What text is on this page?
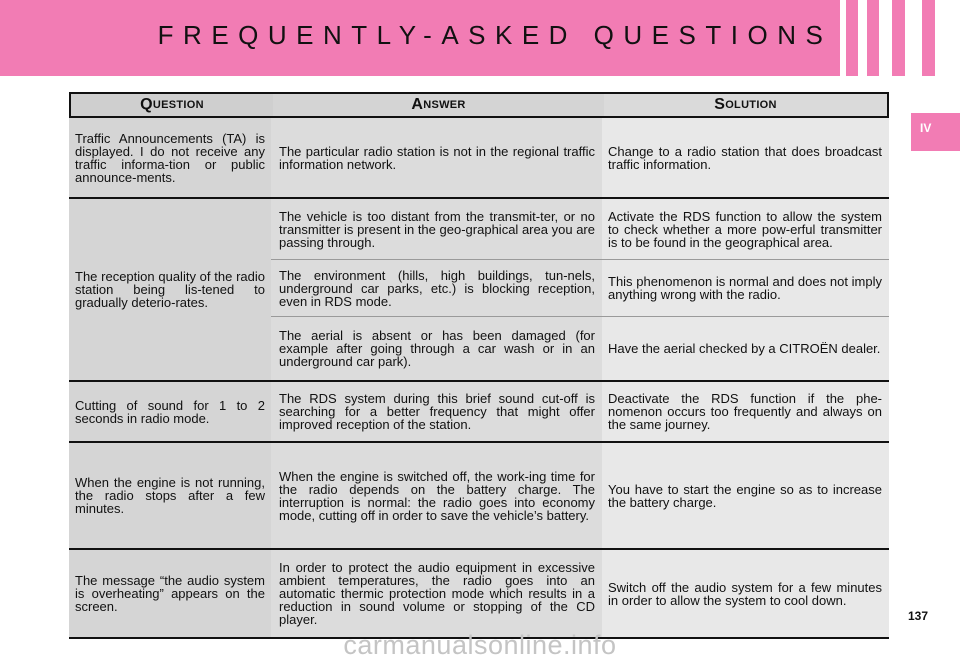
FREQUENTLY-ASKED QUESTIONS
IV
Q UESTION	A NSWER	S OLUTION
Traffic Announcements (TA) is displayed. I do not receive any traffic informa-tion or public announce-ments.
The particular radio station is not in the regional traffic information network.
Change to a radio station that does broadcast traffic information.
The reception quality of the radio station being lis-tened to gradually deterio-rates.
The vehicle is too distant from the transmit-ter, or no transmitter is present in the geo-graphical area you are passing through.
Activate the RDS function to allow the system to check whether a more pow-erful transmitter is to be found in the geographical area.
The environment (hills, high buildings, tun-nels, underground car parks, etc.) is blocking reception, even in RDS mode.
This phenomenon is normal and does not imply anything wrong with the radio.
The aerial is absent or has been damaged (for example after going through a car wash or in an underground car park).
Have the aerial checked by a CITROËN dealer.
Cutting of sound for 1 to 2 seconds in radio mode.
The RDS system during this brief sound cut-off is searching for a better frequency that might offer improved reception of the station.
Deactivate the RDS function if the phe-nomenon occurs too frequently and always on the same journey.
When the engine is not running, the radio stops after a few minutes.
When the engine is switched off, the work-ing time for the radio depends on the battery charge. The interruption is normal: the radio goes into economy mode, cutting off in order to save the vehicle’s battery.
You have to start the engine so as to increase the battery charge.
The message “the audio system is overheating” appears on the screen.
In order to protect the audio equipment in excessive ambient temperatures, the radio goes into an automatic thermic protection mode which results in a reduction in sound volume or stopping of the CD player.
Switch off the audio system for a few minutes in order to allow the system to cool down.
137
carmanualsonline.info
